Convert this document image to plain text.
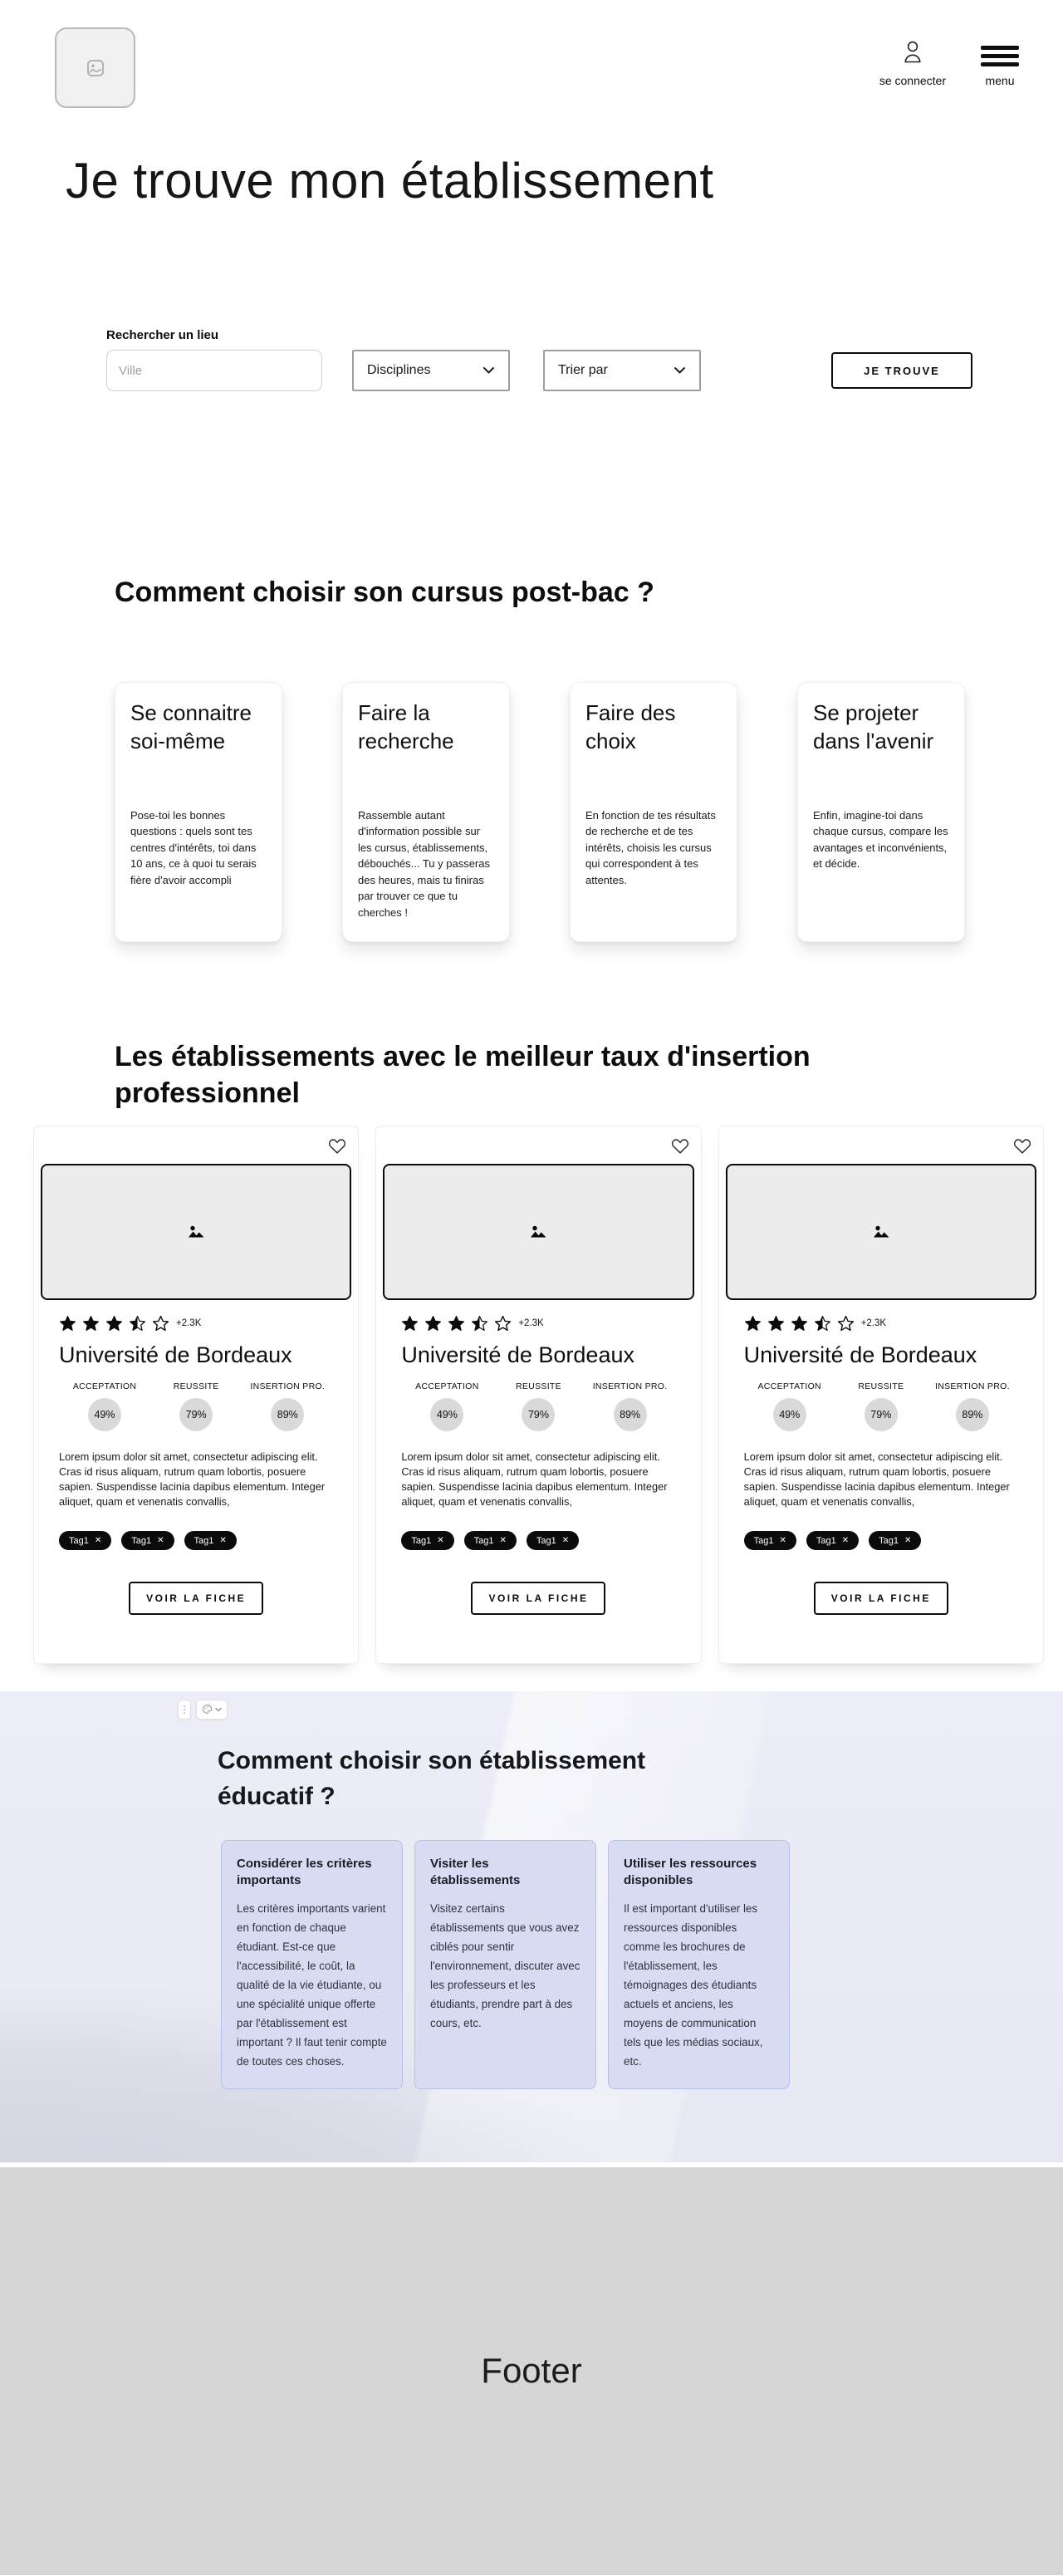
se connecter	menu
Je trouve mon établissement
Rechercher un lieu
Ville
Disciplines	Trier par	JE TROUVE
Comment choisir son cursus post-bac ?
Se connaitre soi-même

Pose-toi les bonnes questions : quels sont tes centres d'intérêts, toi dans 10 ans, ce à quoi tu serais fière d'avoir accompli

Faire la recherche

Rassemble autant d'information possible sur les cursus, établissements, débouchés... Tu y passeras des heures, mais tu finiras par trouver ce que tu cherches !

Faire des choix

En fonction de tes résultats de recherche et de tes intérêts, choisis les cursus qui correspondent à tes attentes.

Se projeter dans l'avenir

Enfin, imagine-toi dans chaque cursus, compare les avantages et inconvénients, et décide.

Les établissements avec le meilleur taux d'insertion professionnel
+2.3K
Université de Bordeaux
ACCEPTATION
49%
REUSSITE
79%
INSERTION PRO.
89%

Lorem ipsum dolor sit amet, consectetur adipiscing elit. Cras id risus aliquam, rutrum quam lobortis, posuere sapien. Suspendisse lacinia dapibus elementum. Integer aliquet, quam et venenatis convallis,

Tag1 ✕	Tag1 ✕	Tag1 ✕
VOIR LA FICHE
+2.3K
Université de Bordeaux
ACCEPTATION
49%
REUSSITE
79%
INSERTION PRO.
89%

Lorem ipsum dolor sit amet, consectetur adipiscing elit. Cras id risus aliquam, rutrum quam lobortis, posuere sapien. Suspendisse lacinia dapibus elementum. Integer aliquet, quam et venenatis convallis,

Tag1 ✕	Tag1 ✕	Tag1 ✕
VOIR LA FICHE
+2.3K
Université de Bordeaux
ACCEPTATION
49%
REUSSITE
79%
INSERTION PRO.
89%

Lorem ipsum dolor sit amet, consectetur adipiscing elit. Cras id risus aliquam, rutrum quam lobortis, posuere sapien. Suspendisse lacinia dapibus elementum. Integer aliquet, quam et venenatis convallis,

Tag1 ✕	Tag1 ✕	Tag1 ✕
VOIR LA FICHE
⋮
Comment choisir son établissement éducatif ?
Considérer les critères importants

Les critères importants varient en fonction de chaque étudiant. Est-ce que l'accessibilité, le coût, la qualité de la vie étudiante, ou une spécialité unique offerte par l'établissement est important ? Il faut tenir compte de toutes ces choses.

Visiter les établissements

Visitez certains établissements que vous avez ciblés pour sentir l'environnement, discuter avec les professeurs et les étudiants, prendre part à des cours, etc.

Utiliser les ressources disponibles

Il est important d'utiliser les ressources disponibles comme les brochures de l'établissement, les témoignages des étudiants actuels et anciens, les moyens de communication tels que les médias sociaux, etc.

Footer
